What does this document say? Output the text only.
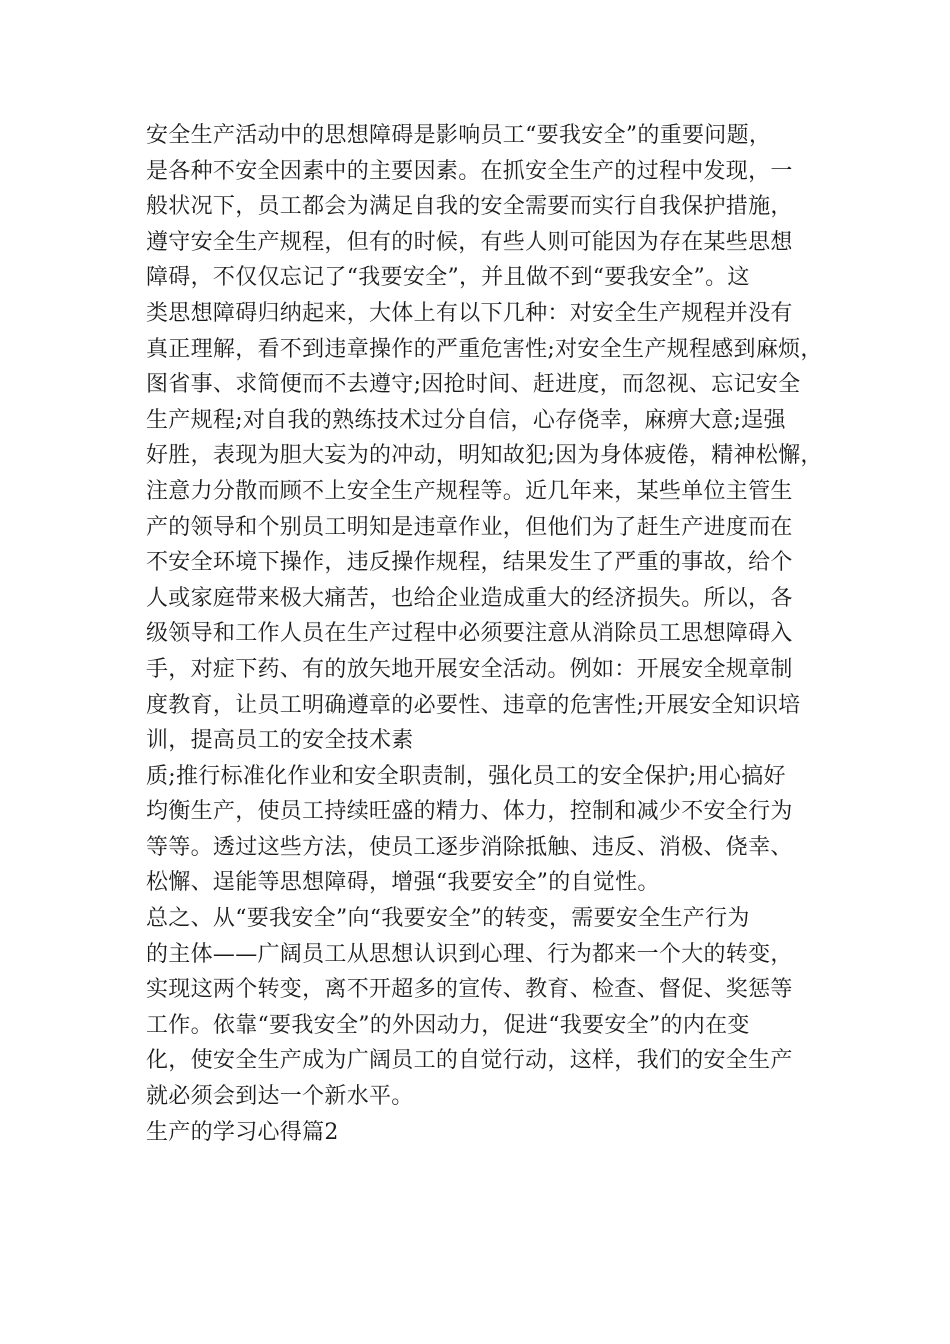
安全生产活动中的思想障碍是影响员工“要我安全”的重要问题，
是各种不安全因素中的主要因素。在抓安全生产的过程中发现，一
般状况下，员工都会为满足自我的安全需要而实行自我保护措施，
遵守安全生产规程，但有的时候，有些人则可能因为存在某些思想
障碍，不仅仅忘记了“我要安全”，并且做不到“要我安全”。这
类思想障碍归纳起来，大体上有以下几种：对安全生产规程并没有
真正理解，看不到违章操作的严重危害性;对安全生产规程感到麻烦，
图省事、求简便而不去遵守;因抢时间、赶进度，而忽视、忘记安全
生产规程;对自我的熟练技术过分自信，心存侥幸，麻痹大意;逞强
好胜，表现为胆大妄为的冲动，明知故犯;因为身体疲倦，精神松懈，
注意力分散而顾不上安全生产规程等。近几年来，某些单位主管生
产的领导和个别员工明知是违章作业，但他们为了赶生产进度而在
不安全环境下操作，违反操作规程，结果发生了严重的事故，给个
人或家庭带来极大痛苦，也给企业造成重大的经济损失。所以，各
级领导和工作人员在生产过程中必须要注意从消除员工思想障碍入
手，对症下药、有的放矢地开展安全活动。例如：开展安全规章制
度教育，让员工明确遵章的必要性、违章的危害性;开展安全知识培
训，提高员工的安全技术素
质;推行标准化作业和安全职责制，强化员工的安全保护;用心搞好
均衡生产，使员工持续旺盛的精力、体力，控制和减少不安全行为
等等。透过这些方法，使员工逐步消除抵触、违反、消极、侥幸、
松懈、逞能等思想障碍，增强“我要安全”的自觉性。
总之、从“要我安全”向“我要安全”的转变，需要安全生产行为
的主体——广阔员工从思想认识到心理、行为都来一个大的转变，
实现这两个转变，离不开超多的宣传、教育、检查、督促、奖惩等
工作。依靠“要我安全”的外因动力，促进“我要安全”的内在变
化，使安全生产成为广阔员工的自觉行动，这样，我们的安全生产
就必须会到达一个新水平。
生产的学习心得篇2
